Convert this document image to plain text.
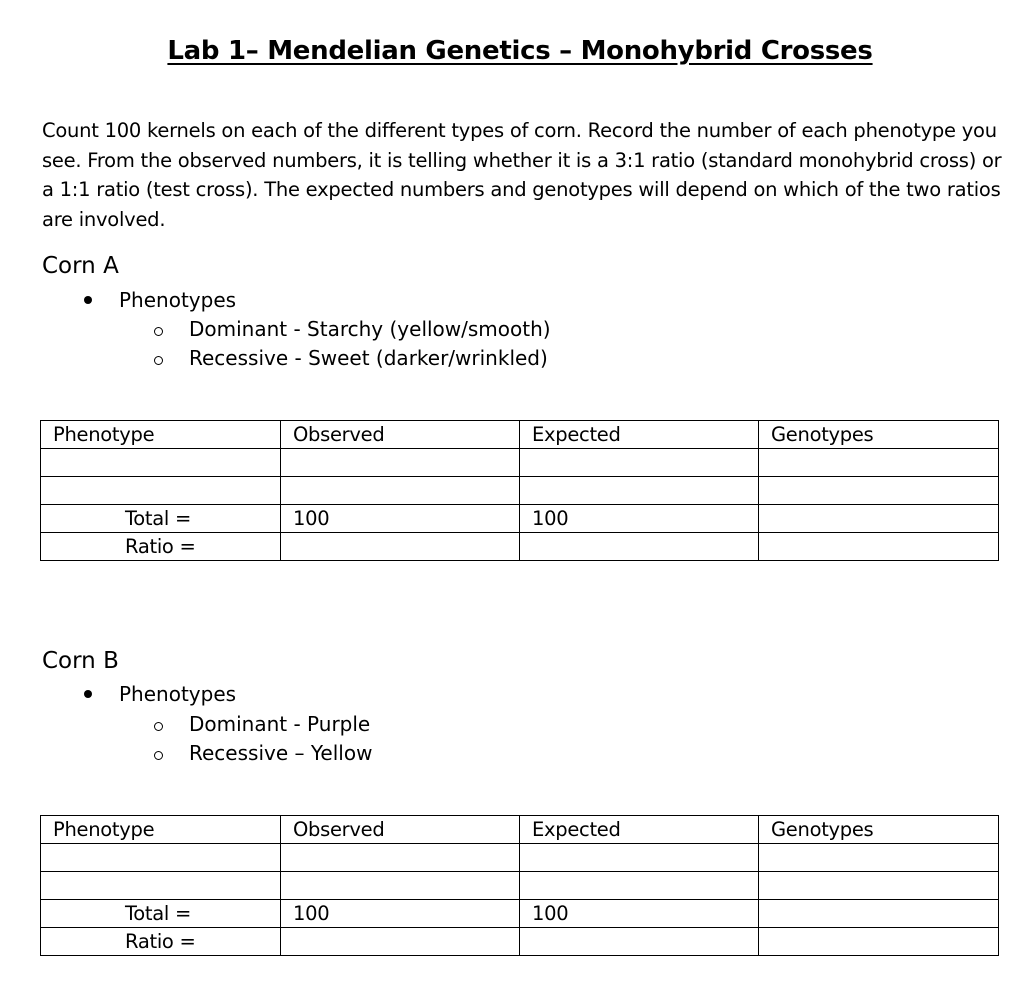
Lab 1– Mendelian Genetics – Monohybrid Crosses
Count 100 kernels on each of the different types of corn. Record the number of each phenotype you see. From the observed numbers, it is telling whether it is a 3:1 ratio (standard monohybrid cross) or a 1:1 ratio (test cross). The expected numbers and genotypes will depend on which of the two ratios are involved.
Corn A
Phenotypes
Dominant - Starchy (yellow/smooth)
Recessive - Sweet (darker/wrinkled)
Phenotype	Observed	Expected	Genotypes

Total =	100	100	
Ratio =			
Corn B
Phenotypes
Dominant - Purple
Recessive – Yellow
Phenotype	Observed	Expected	Genotypes

Total =	100	100	
Ratio =			
